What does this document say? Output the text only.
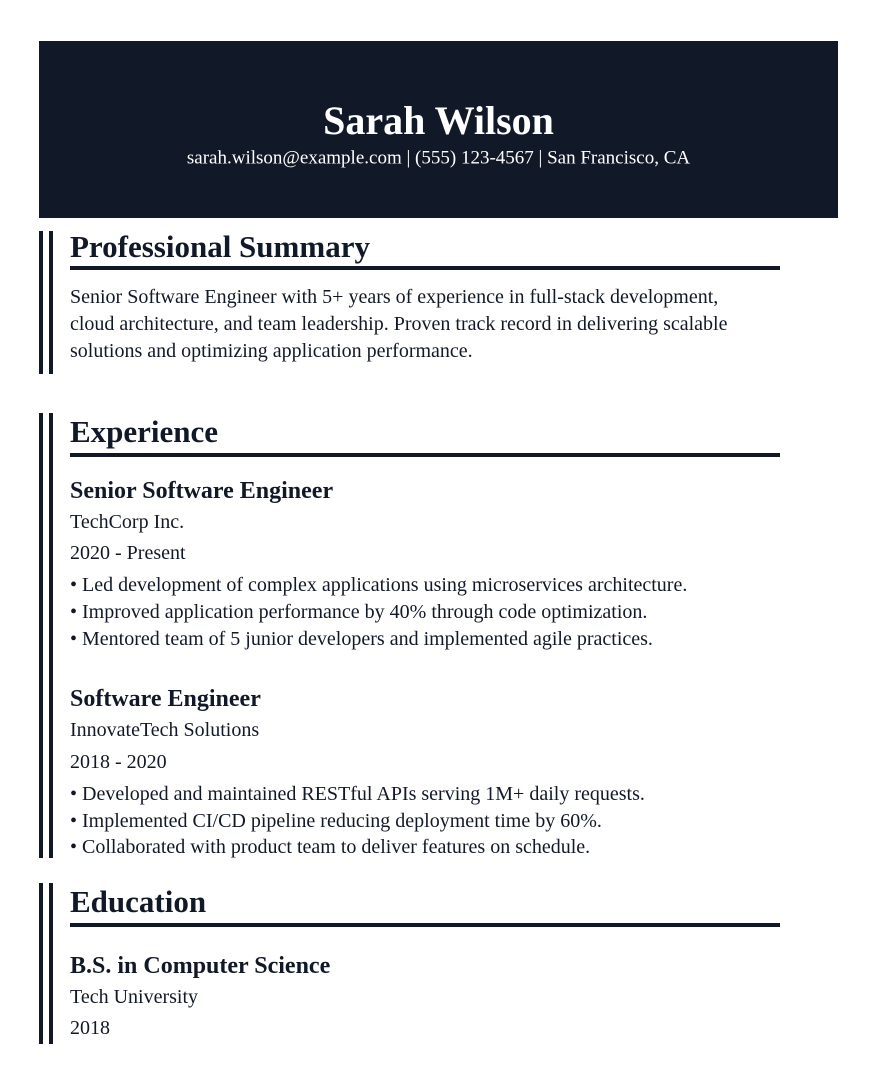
Sarah Wilson

sarah.wilson@example.com | (555) 123-4567 | San Francisco, CA

Professional Summary

Senior Software Engineer with 5+ years of experience in full-stack development,

cloud architecture, and team leadership. Proven track record in delivering scalable

solutions and optimizing application performance.

Experience

Senior Software Engineer

TechCorp Inc.

2020 - Present

• Led development of complex applications using microservices architecture.

• Improved application performance by 40% through code optimization.

• Mentored team of 5 junior developers and implemented agile practices.

Software Engineer

InnovateTech Solutions

2018 - 2020

• Developed and maintained RESTful APIs serving 1M+ daily requests.

• Implemented CI/CD pipeline reducing deployment time by 60%.

• Collaborated with product team to deliver features on schedule.

Education

B.S. in Computer Science

Tech University

2018
